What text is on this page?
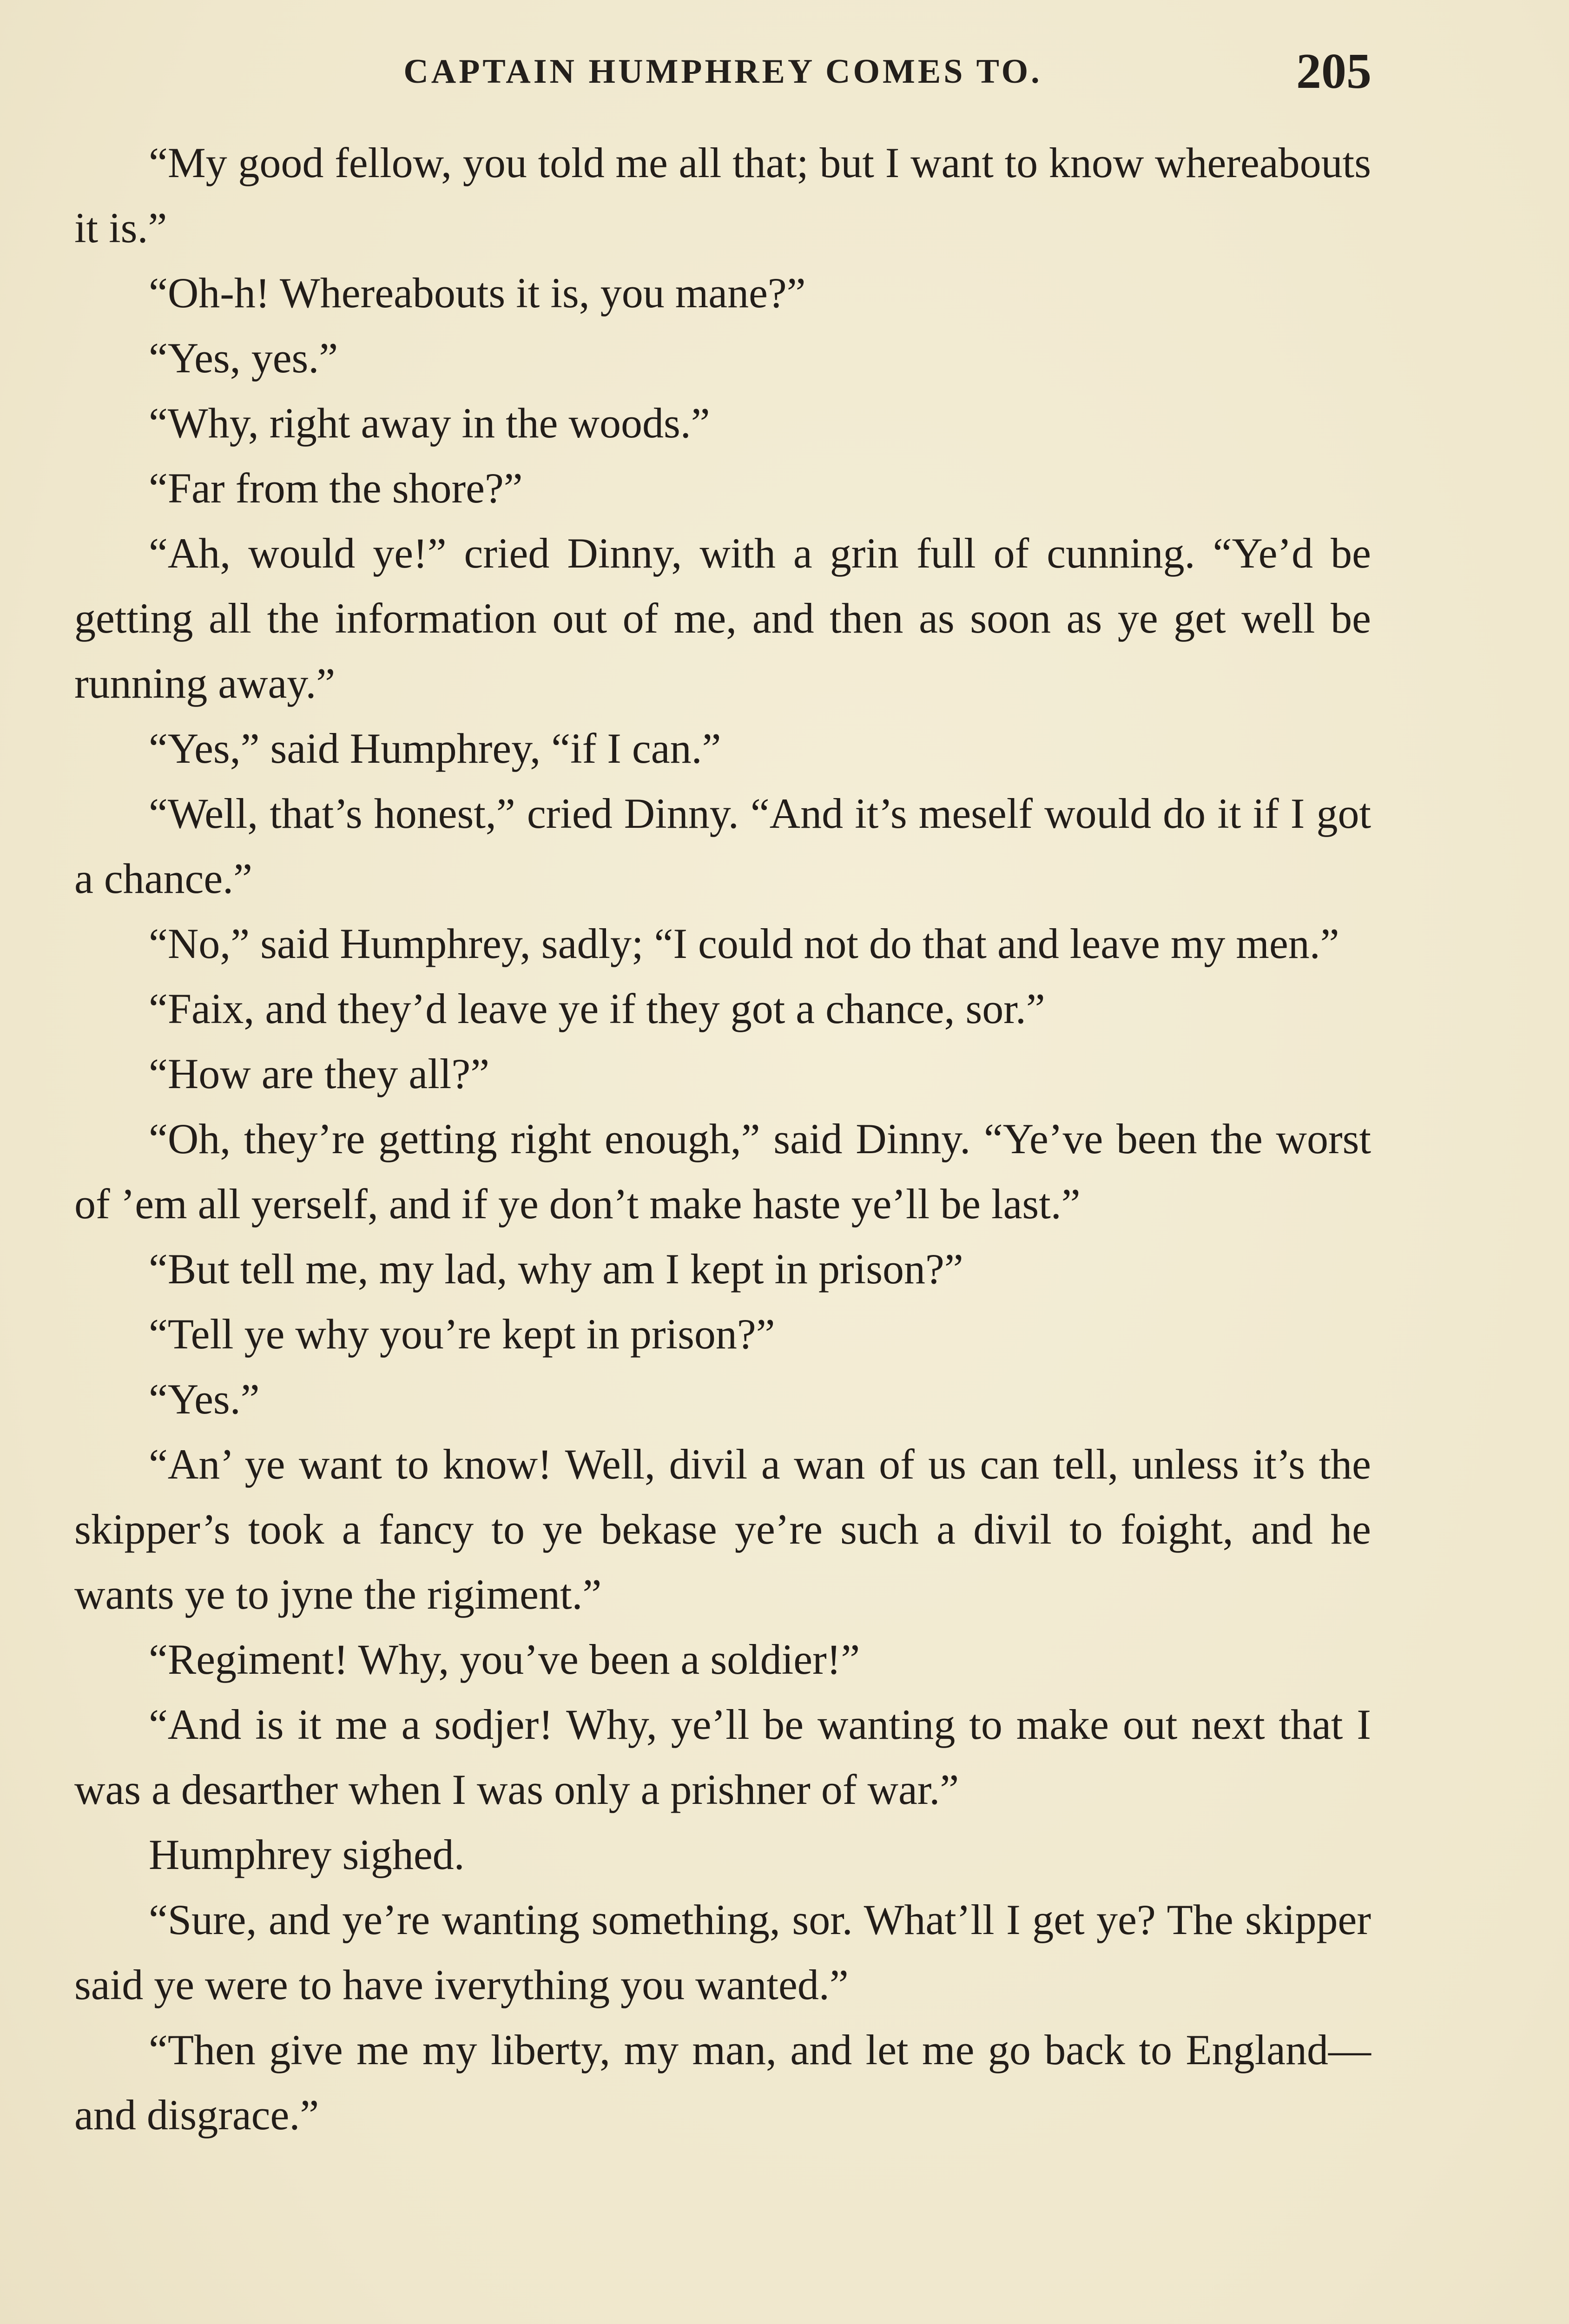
CAPTAIN HUMPHREY COMES TO.	205

“My good fellow, you told me all that; but I want to know whereabouts it is.”

“Oh-h! Whereabouts it is, you mane?”

“Yes, yes.”

“Why, right away in the woods.”

“Far from the shore?”

“Ah, would ye!” cried Dinny, with a grin full of cunning. “Ye’d be getting all the information out of me, and then as soon as ye get well be running away.”

“Yes,” said Humphrey, “if I can.”

“Well, that’s honest,” cried Dinny. “And it’s meself would do it if I got a chance.”

“No,” said Humphrey, sadly; “I could not do that and leave my men.”

“Faix, and they’d leave ye if they got a chance, sor.”

“How are they all?”

“Oh, they’re getting right enough,” said Dinny. “Ye’ve been the worst of ’em all yerself, and if ye don’t make haste ye’ll be last.”

“But tell me, my lad, why am I kept in prison?”

“Tell ye why you’re kept in prison?”

“Yes.”

“An’ ye want to know! Well, divil a wan of us can tell, unless it’s the skipper’s took a fancy to ye bekase ye’re such a divil to foight, and he wants ye to jyne the rigiment.”

“Regiment! Why, you’ve been a soldier!”

“And is it me a sodjer! Why, ye’ll be wanting to make out next that I was a desarther when I was only a prishner of war.”

Humphrey sighed.

“Sure, and ye’re wanting something, sor. What’ll I get ye? The skipper said ye were to have iverything you wanted.”

“Then give me my liberty, my man, and let me go back to England—and disgrace.”
